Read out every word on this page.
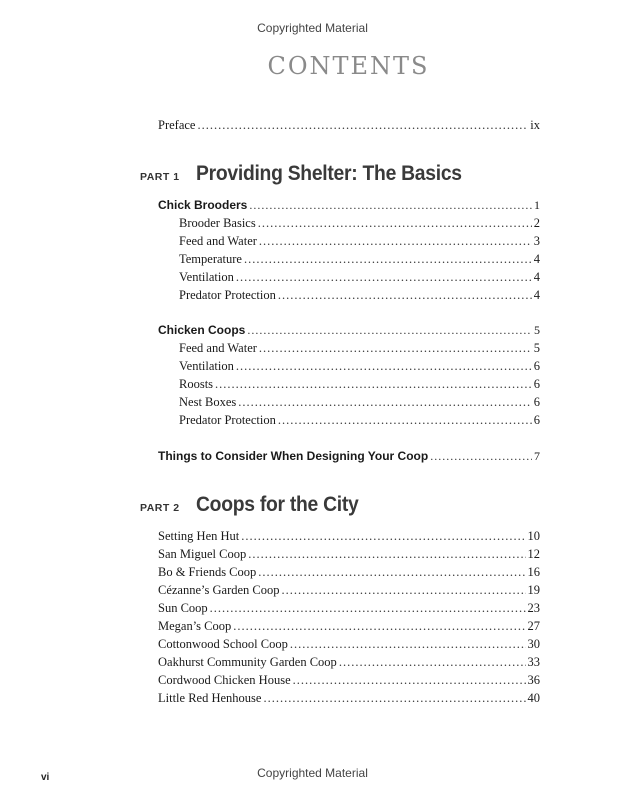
Copyrighted Material
CONTENTS
Preface .....	ix
PART 1 Providing Shelter: The Basics
Chick Brooders .....	1
Brooder Basics .....	2
Feed and Water .....	3
Temperature .....	4
Ventilation .....	4
Predator Protection .....	4
Chicken Coops .....	5
Feed and Water .....	5
Ventilation .....	6
Roosts .....	6
Nest Boxes .....	6
Predator Protection .....	6
Things to Consider When Designing Your Coop .....	7
PART 2 Coops for the City
Setting Hen Hut .....	10
San Miguel Coop .....	12
Bo & Friends Coop .....	16
Cézanne’s Garden Coop .....	19
Sun Coop .....	23
Megan’s Coop .....	27
Cottonwood School Coop .....	30
Oakhurst Community Garden Coop .....	33
Cordwood Chicken House .....	36
Little Red Henhouse .....	40
vi	Copyrighted Material
